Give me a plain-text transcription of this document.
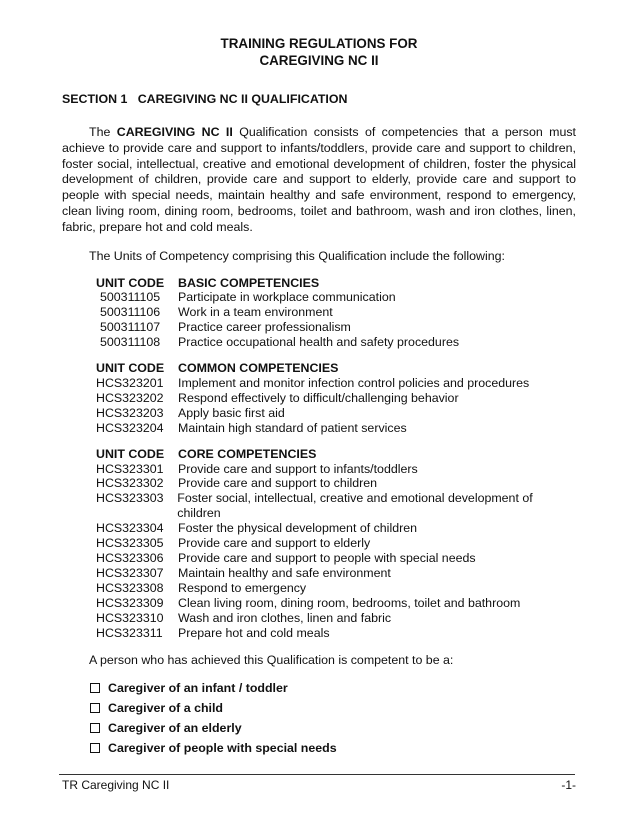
TRAINING REGULATIONS FOR
CAREGIVING NC II
SECTION 1   CAREGIVING NC II QUALIFICATION
The CAREGIVING NC II Qualification consists of competencies that a person must achieve to provide care and support to infants/toddlers, provide care and support to children, foster social, intellectual, creative and emotional development of children, foster the physical development of children, provide care and support to elderly, provide care and support to people with special needs, maintain healthy and safe environment, respond to emergency, clean living room, dining room, bedrooms, toilet and bathroom, wash and iron clothes, linen, fabric, prepare hot and cold meals.
The Units of Competency comprising this Qualification include the following:
UNIT CODE	BASIC COMPETENCIES
500311105	Participate in workplace communication
500311106	Work in a team environment
500311107	Practice career professionalism
500311108	Practice occupational health and safety procedures
UNIT CODE	COMMON COMPETENCIES
HCS323201	Implement and monitor infection control policies and procedures
HCS323202	Respond effectively to difficult/challenging behavior
HCS323203	Apply basic first aid
HCS323204	Maintain high standard of patient services
UNIT CODE	CORE COMPETENCIES
HCS323301	Provide care and support to infants/toddlers
HCS323302	Provide care and support to children
HCS323303	Foster social, intellectual, creative and emotional development of children
HCS323304	Foster the physical development of children
HCS323305	Provide care and support to elderly
HCS323306	Provide care and support to people with special needs
HCS323307	Maintain healthy and safe environment
HCS323308	Respond to emergency
HCS323309	Clean living room, dining room, bedrooms, toilet and bathroom
HCS323310	Wash and iron clothes, linen and fabric
HCS323311	Prepare hot and cold meals
A person who has achieved this Qualification is competent to be a:
Caregiver of an infant / toddler
Caregiver of a child
Caregiver of an elderly
Caregiver of people with special needs
TR Caregiving NC II	-1-
